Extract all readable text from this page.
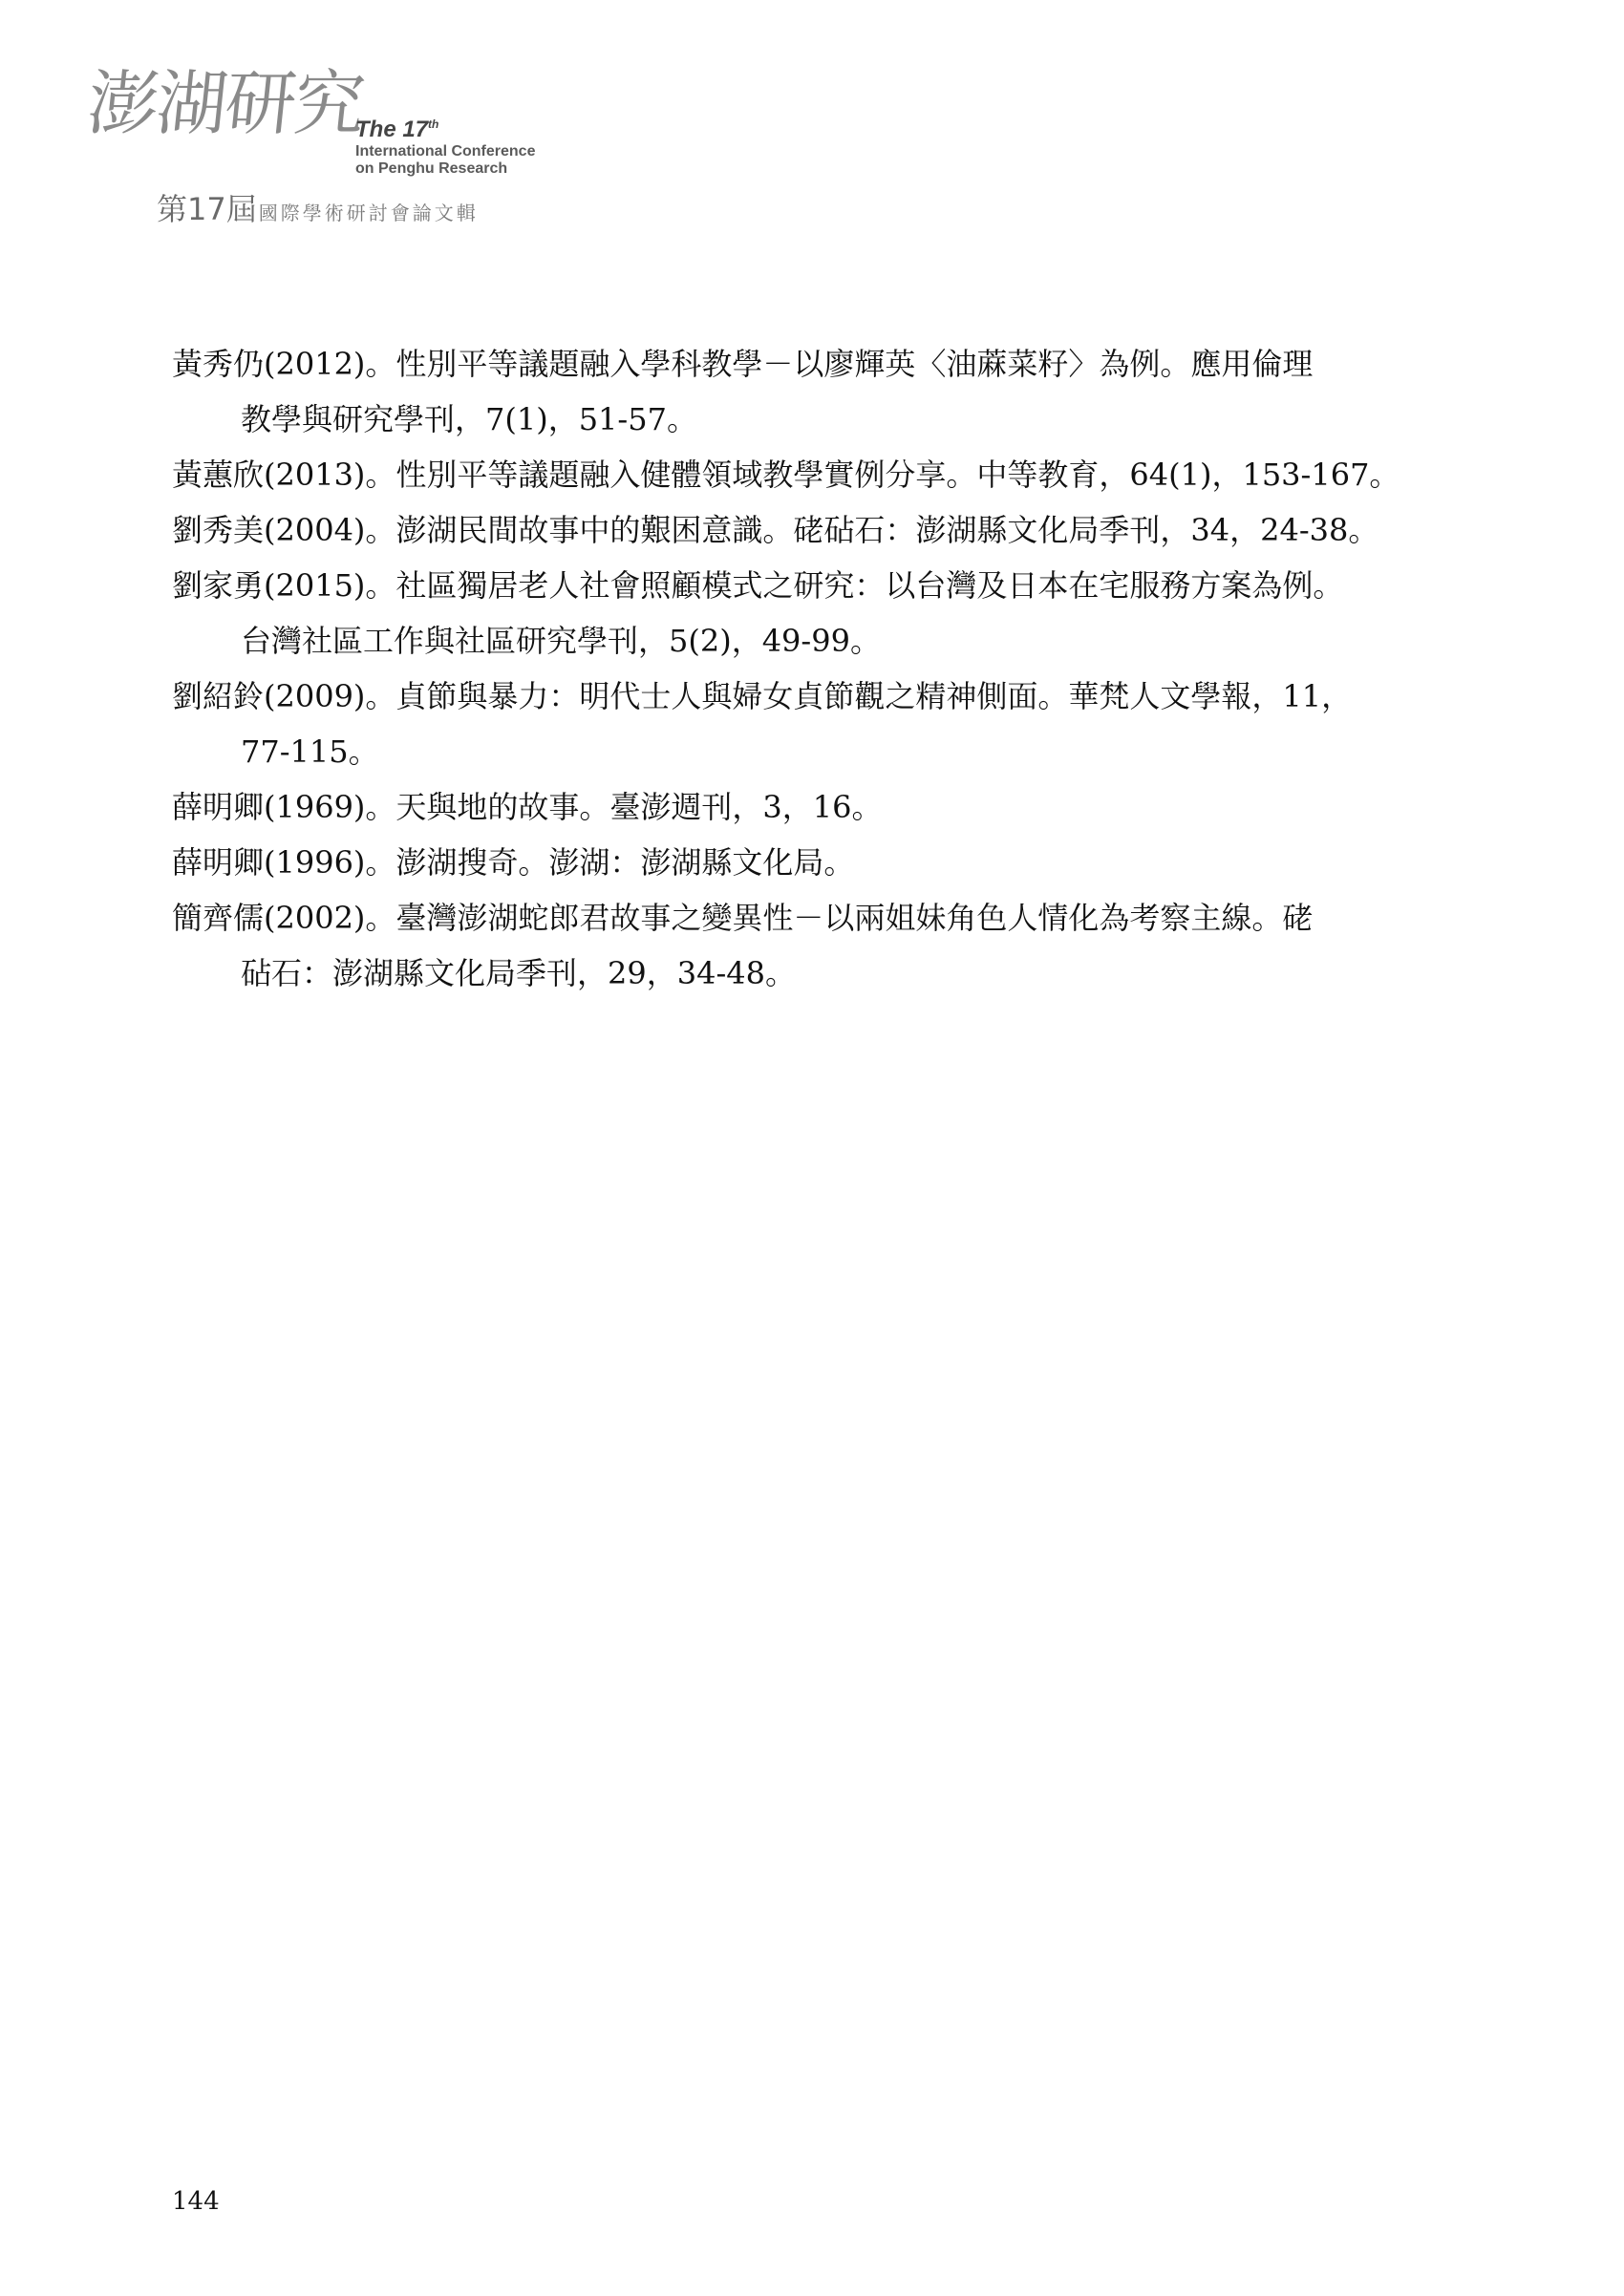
澎湖研究
The 17th
International Conference
on Penghu Research
第17屆 國際學術研討會論文輯
黃秀仍(2012)。性別平等議題融入學科教學－以廖輝英〈油蔴菜籽〉為例。應用倫理
教學與研究學刊，7(1)，51-57。
黃蕙欣(2013)。性別平等議題融入健體領域教學實例分享。中等教育，64(1)，153-167。
劉秀美(2004)。澎湖民間故事中的艱困意識。硓砧石：澎湖縣文化局季刊，34，24-38。
劉家勇(2015)。社區獨居老人社會照顧模式之研究：以台灣及日本在宅服務方案為例。
台灣社區工作與社區研究學刊，5(2)，49-99。
劉紹鈴(2009)。貞節與暴力：明代士人與婦女貞節觀之精神側面。華梵人文學報，11，
77-115。
薛明卿(1969)。天與地的故事。臺澎週刊，3，16。
薛明卿(1996)。澎湖搜奇。澎湖：澎湖縣文化局。
簡齊儒(2002)。臺灣澎湖蛇郎君故事之變異性－以兩姐妹角色人情化為考察主線。硓
砧石：澎湖縣文化局季刊，29，34-48。
144
